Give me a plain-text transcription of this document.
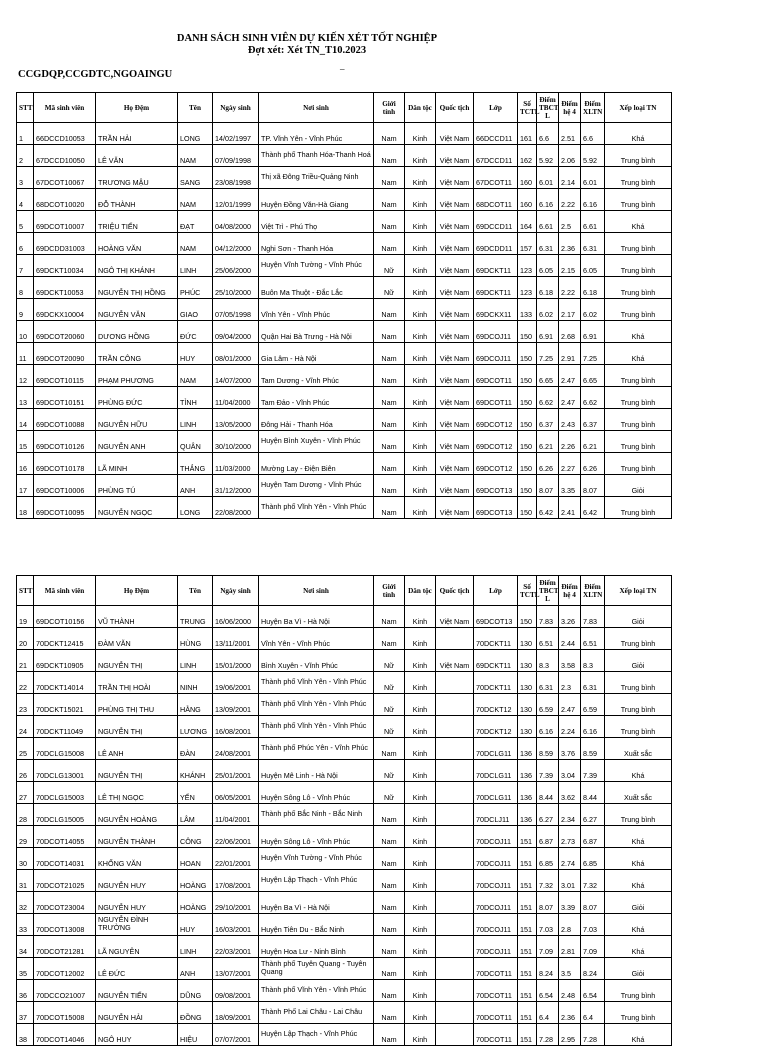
DANH SÁCH SINH VIÊN DỰ KIẾN XÉT TỐT NGHIỆP
Đợt xét: Xét TN_T10.2023
_
CCGDQP,CCGDTC,NGOAINGU
STT	Mã sinh viên	Họ Đệm	Tên	Ngày sinh	Nơi sinh	Giới tính	Dân tộc	Quốc tịch	Lớp	Số TCTL	Điểm TBCT L	Điểm hệ 4	Điểm XLTN	Xếp loại TN
1	66DCCD10053	TRẦN HẢI	LONG	14/02/1997	TP. Vĩnh Yên - Vĩnh Phúc	Nam	Kinh	Việt Nam	66DCCD11	161	6.6	2.51	6.6	Khá
2	67DCCD10050	LÊ VĂN	NAM	07/09/1998	Thành phố Thanh Hóa-Thanh Hoá	Nam	Kinh	Việt Nam	67DCCD11	162	5.92	2.06	5.92	Trung bình
3	67DCOT10067	TRƯƠNG MẬU	SANG	23/08/1998	Thị xã Đông Triều-Quảng Ninh	Nam	Kinh	Việt Nam	67DCOT11	160	6.01	2.14	6.01	Trung bình
4	68DCOT10020	ĐỖ THÀNH	NAM	12/01/1999	Huyện Đồng Văn-Hà Giang	Nam	Kinh	Việt Nam	68DCOT11	160	6.16	2.22	6.16	Trung bình
5	69DCOT10007	TRIỆU TIẾN	ĐẠT	04/08/2000	Việt Trì - Phú Thọ	Nam	Kinh	Việt Nam	69DCCD11	164	6.61	2.5	6.61	Khá
6	69DCDD31003	HOÀNG VĂN	NAM	04/12/2000	Nghi Sơn - Thanh Hóa	Nam	Kinh	Việt Nam	69DCDD11	157	6.31	2.36	6.31	Trung bình
7	69DCKT10034	NGÔ THỊ KHÁNH	LINH	25/06/2000	Huyện Vĩnh Tường - Vĩnh Phúc	Nữ	Kinh	Việt Nam	69DCKT11	123	6.05	2.15	6.05	Trung bình
8	69DCKT10053	NGUYỄN THỊ HỒNG	PHÚC	25/10/2000	Buôn Ma Thuột - Đắc Lắc	Nữ	Kinh	Việt Nam	69DCKT11	123	6.18	2.22	6.18	Trung bình
9	69DCKX10004	NGUYỄN VĂN	GIAO	07/05/1998	Vĩnh Yên - Vĩnh Phúc	Nam	Kinh	Việt Nam	69DCKX11	133	6.02	2.17	6.02	Trung bình
10	69DCOT20060	DƯƠNG HỒNG	ĐỨC	09/04/2000	Quận Hai Bà Trưng - Hà Nội	Nam	Kinh	Việt Nam	69DCOJ11	150	6.91	2.68	6.91	Khá
11	69DCOT20090	TRẦN CÔNG	HUY	08/01/2000	Gia Lâm - Hà Nội	Nam	Kinh	Việt Nam	69DCOJ11	150	7.25	2.91	7.25	Khá
12	69DCOT10115	PHẠM PHƯƠNG	NAM	14/07/2000	Tam Dương - Vĩnh Phúc	Nam	Kinh	Việt Nam	69DCOT11	150	6.65	2.47	6.65	Trung bình
13	69DCOT10151	PHÙNG ĐỨC	TỈNH	11/04/2000	Tam Đảo - Vĩnh Phúc	Nam	Kinh	Việt Nam	69DCOT11	150	6.62	2.47	6.62	Trung bình
14	69DCOT10088	NGUYỄN HỮU	LINH	13/05/2000	Đông Hải - Thanh Hóa	Nam	Kinh	Việt Nam	69DCOT12	150	6.37	2.43	6.37	Trung bình
15	69DCOT10126	NGUYỄN ANH	QUÂN	30/10/2000	Huyện Bình Xuyên - Vĩnh Phúc	Nam	Kinh	Việt Nam	69DCOT12	150	6.21	2.26	6.21	Trung bình
16	69DCOT10178	LÃ MINH	THẮNG	11/03/2000	Mường Lay - Điện Biên	Nam	Kinh	Việt Nam	69DCOT12	150	6.26	2.27	6.26	Trung bình
17	69DCOT10006	PHÙNG TÚ	ANH	31/12/2000	Huyện Tam Dương - Vĩnh Phúc	Nam	Kinh	Việt Nam	69DCOT13	150	8.07	3.35	8.07	Giỏi
18	69DCOT10095	NGUYỄN NGỌC	LONG	22/08/2000	Thành phố Vĩnh Yên - Vĩnh Phúc	Nam	Kinh	Việt Nam	69DCOT13	150	6.42	2.41	6.42	Trung bình
STT	Mã sinh viên	Họ Đệm	Tên	Ngày sinh	Nơi sinh	Giới tính	Dân tộc	Quốc tịch	Lớp	Số TCTL	Điểm TBCT L	Điểm hệ 4	Điểm XLTN	Xếp loại TN
19	69DCOT10156	VŨ THÀNH	TRUNG	16/06/2000	Huyện Ba Vì - Hà Nội	Nam	Kinh	Việt Nam	69DCOT13	150	7.83	3.26	7.83	Giỏi
20	70DCKT12415	ĐÀM VĂN	HÙNG	13/11/2001	Vĩnh Yên - Vĩnh Phúc	Nam	Kinh		70DCKT11	130	6.51	2.44	6.51	Trung bình
21	69DCKT10905	NGUYỄN THỊ	LINH	15/01/2000	Bình Xuyên - Vĩnh Phúc	Nữ	Kinh	Việt Nam	69DCKT11	130	8.3	3.58	8.3	Giỏi
22	70DCKT14014	TRẦN THỊ HOÀI	NINH	19/06/2001	Thành phố Vĩnh Yên - Vĩnh Phúc	Nữ	Kinh		70DCKT11	130	6.31	2.3	6.31	Trung bình
23	70DCKT15021	PHÙNG THỊ THU	HẰNG	13/09/2001	Thành phố Vĩnh Yên - Vĩnh Phúc	Nữ	Kinh		70DCKT12	130	6.59	2.47	6.59	Trung bình
24	70DCKT11049	NGUYỄN THỊ	LƯƠNG	16/08/2001	Thành phố Vĩnh Yên - Vĩnh Phúc	Nữ	Kinh		70DCKT12	130	6.16	2.24	6.16	Trung bình
25	70DCLG15008	LÊ ANH	ĐÀN	24/08/2001	Thành phố Phúc Yên - Vĩnh Phúc	Nam	Kinh		70DCLG11	136	8.59	3.76	8.59	Xuất sắc
26	70DCLG13001	NGUYỄN THỊ	KHÁNH	25/01/2001	Huyện Mê Linh - Hà Nội	Nữ	Kinh		70DCLG11	136	7.39	3.04	7.39	Khá
27	70DCLG15003	LÊ THỊ NGỌC	YẾN	06/05/2001	Huyện Sông Lô - Vĩnh Phúc	Nữ	Kinh		70DCLG11	136	8.44	3.62	8.44	Xuất sắc
28	70DCLG15005	NGUYỄN HOÀNG	LÂM	11/04/2001	Thành phố Bắc Ninh - Bắc Ninh	Nam	Kinh		70DCLJ11	136	6.27	2.34	6.27	Trung bình
29	70DCOT14055	NGUYỄN THÀNH	CÔNG	22/06/2001	Huyện Sông Lô - Vĩnh Phúc	Nam	Kinh		70DCOJ11	151	6.87	2.73	6.87	Khá
30	70DCOT14031	KHỔNG VĂN	HOAN	22/01/2001	Huyện Vĩnh Tường - Vĩnh Phúc	Nam	Kinh		70DCOJ11	151	6.85	2.74	6.85	Khá
31	70DCOT21025	NGUYỄN HUY	HOÀNG	17/08/2001	Huyện Lập Thạch - Vĩnh Phúc	Nam	Kinh		70DCOJ11	151	7.32	3.01	7.32	Khá
32	70DCOT23004	NGUYỄN HUY	HOÀNG	29/10/2001	Huyện Ba Vì - Hà Nội	Nam	Kinh		70DCOJ11	151	8.07	3.39	8.07	Giỏi
33	70DCOT13008	NGUYỄN ĐÌNH TRƯỜNG	HUY	16/03/2001	Huyện Tiên Du - Bắc Ninh	Nam	Kinh		70DCOJ11	151	7.03	2.8	7.03	Khá
34	70DCOT21281	LÃ NGUYÊN	LINH	22/03/2001	Huyện Hoa Lư - Ninh Bình	Nam	Kinh		70DCOJ11	151	7.09	2.81	7.09	Khá
35	70DCOT12002	LÊ ĐỨC	ANH	13/07/2001	Thành phố Tuyên Quang - Tuyên Quang	Nam	Kinh		70DCOT11	151	8.24	3.5	8.24	Giỏi
36	70DCCO21007	NGUYỄN TIẾN	DŨNG	09/08/2001	Thành phố Vĩnh Yên - Vĩnh Phúc	Nam	Kinh		70DCOT11	151	6.54	2.48	6.54	Trung bình
37	70DCOT15008	NGUYỄN HẢI	ĐỒNG	18/09/2001	Thành Phố Lai Châu - Lai Châu	Nam	Kinh		70DCOT11	151	6.4	2.36	6.4	Trung bình
38	70DCOT14046	NGÔ HUY	HIỆU	07/07/2001	Huyện Lập Thạch - Vĩnh Phúc	Nam	Kinh		70DCOT11	151	7.28	2.95	7.28	Khá
